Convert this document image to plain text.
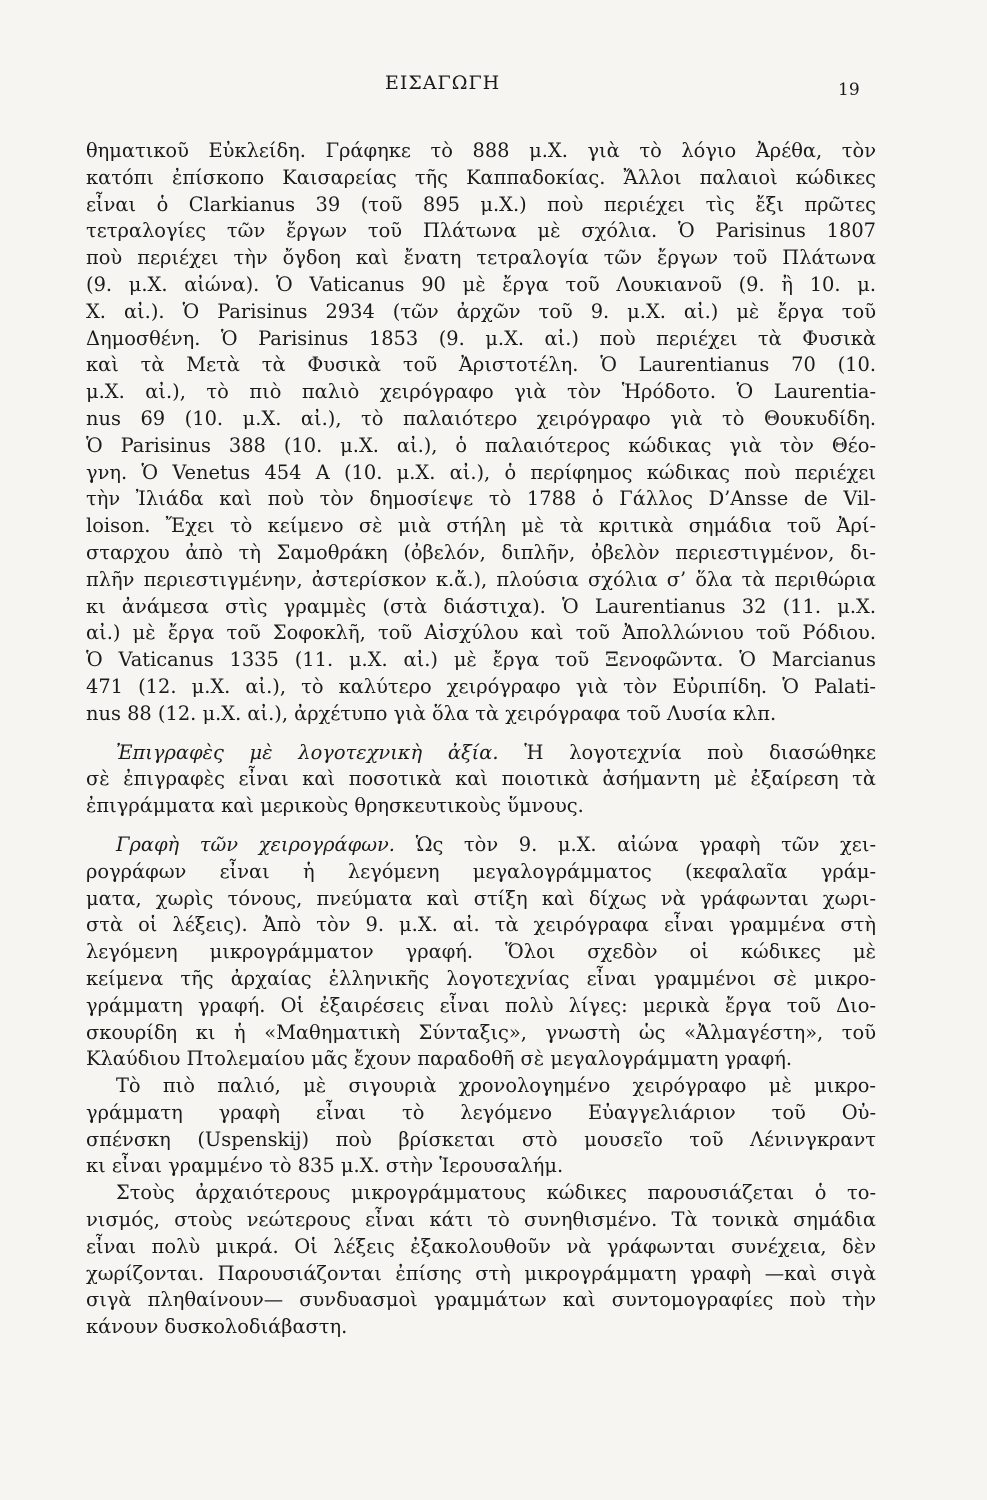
ΕΙΣΑΓΩΓΗ	19
θηματικοῦ Εὐκλείδη. Γράφηκε τὸ 888 μ.Χ. γιὰ τὸ λόγιο Ἀρέθα, τὸν
κατόπι ἐπίσκοπο Καισαρείας τῆς Καππαδοκίας. Ἄλλοι παλαιοὶ κώδικες
εἶναι ὁ Clarkianus 39 (τοῦ 895 μ.Χ.) ποὺ περιέχει τὶς ἔξι πρῶτες
τετραλογίες τῶν ἔργων τοῦ Πλάτωνα μὲ σχόλια. Ὁ Parisinus 1807
ποὺ περιέχει τὴν ὄγδοη καὶ ἔνατη τετραλογία τῶν ἔργων τοῦ Πλάτωνα
(9. μ.Χ. αἰώνα). Ὁ Vaticanus 90 μὲ ἔργα τοῦ Λουκιανοῦ (9. ἢ 10. μ.
Χ. αἰ.). Ὁ Parisinus 2934 (τῶν ἀρχῶν τοῦ 9. μ.Χ. αἰ.) μὲ ἔργα τοῦ
Δημοσθένη. Ὁ Parisinus 1853 (9. μ.Χ. αἰ.) ποὺ περιέχει τὰ Φυσικὰ
καὶ τὰ Μετὰ τὰ Φυσικὰ τοῦ Ἀριστοτέλη. Ὁ Laurentianus 70 (10.
μ.Χ. αἰ.), τὸ πιὸ παλιὸ χειρόγραφο γιὰ τὸν Ἡρόδοτο. Ὁ Laurentia-
nus 69 (10. μ.Χ. αἰ.), τὸ παλαιότερο χειρόγραφο γιὰ τὸ Θουκυδίδη.
Ὁ Parisinus 388 (10. μ.Χ. αἰ.), ὁ παλαιότερος κώδικας γιὰ τὸν Θέο-
γνη. Ὁ Venetus 454 A (10. μ.Χ. αἰ.), ὁ περίφημος κώδικας ποὺ περιέχει
τὴν Ἰλιάδα καὶ ποὺ τὸν δημοσίεψε τὸ 1788 ὁ Γάλλος D’Ansse de Vil-
loison. Ἔχει τὸ κείμενο σὲ μιὰ στήλη μὲ τὰ κριτικὰ σημάδια τοῦ Ἀρί-
σταρχου ἀπὸ τὴ Σαμοθράκη (ὀβελόν, διπλῆν, ὀβελὸν περιεστιγμένον, δι-
πλῆν περιεστιγμένην, ἀστερίσκον κ.ἄ.), πλούσια σχόλια σ’ ὅλα τὰ περιθώρια
κι ἀνάμεσα στὶς γραμμὲς (στὰ διάστιχα). Ὁ Laurentianus 32 (11. μ.Χ.
αἰ.) μὲ ἔργα τοῦ Σοφοκλῆ, τοῦ Αἰσχύλου καὶ τοῦ Ἀπολλώνιου τοῦ Ρόδιου.
Ὁ Vaticanus 1335 (11. μ.Χ. αἰ.) μὲ ἔργα τοῦ Ξενοφῶντα. Ὁ Marcianus
471 (12. μ.Χ. αἰ.), τὸ καλύτερο χειρόγραφο γιὰ τὸν Εὐριπίδη. Ὁ Palati-
nus 88 (12. μ.Χ. αἰ.), ἀρχέτυπο γιὰ ὅλα τὰ χειρόγραφα τοῦ Λυσία κλπ.
Ἐπιγραφὲς μὲ λογοτεχνικὴ ἀξία. Ἡ λογοτεχνία ποὺ διασώθηκε
σὲ ἐπιγραφὲς εἶναι καὶ ποσοτικὰ καὶ ποιοτικὰ ἀσήμαντη μὲ ἐξαίρεση τὰ
ἐπιγράμματα καὶ μερικοὺς θρησκευτικοὺς ὕμνους.
Γραφὴ τῶν χειρογράφων. Ὡς τὸν 9. μ.Χ. αἰώνα γραφὴ τῶν χει-
ρογράφων εἶναι ἡ λεγόμενη μεγαλογράμματος (κεφαλαῖα γράμ-
ματα, χωρὶς τόνους, πνεύματα καὶ στίξη καὶ δίχως νὰ γράφωνται χωρι-
στὰ οἱ λέξεις). Ἀπὸ τὸν 9. μ.Χ. αἰ. τὰ χειρόγραφα εἶναι γραμμένα στὴ
λεγόμενη μικρογράμματον γραφή. Ὅλοι σχεδὸν οἱ κώδικες μὲ
κείμενα τῆς ἀρχαίας ἑλληνικῆς λογοτεχνίας εἶναι γραμμένοι σὲ μικρο-
γράμματη γραφή. Οἱ ἐξαιρέσεις εἶναι πολὺ λίγες: μερικὰ ἔργα τοῦ Διο-
σκουρίδη κι ἡ «Μαθηματικὴ Σύνταξις», γνωστὴ ὡς «Ἀλμαγέστη», τοῦ
Κλαύδιου Πτολεμαίου μᾶς ἔχουν παραδοθῆ σὲ μεγαλογράμματη γραφή.
Τὸ πιὸ παλιό, μὲ σιγουριὰ χρονολογημένο χειρόγραφο μὲ μικρο-
γράμματη γραφὴ εἶναι τὸ λεγόμενο Εὐαγγελιάριον τοῦ Οὐ-
σπένσκη (Uspenskij) ποὺ βρίσκεται στὸ μουσεῖο τοῦ Λένινγκραντ
κι εἶναι γραμμένο τὸ 835 μ.Χ. στὴν Ἱερουσαλήμ.
Στοὺς ἀρχαιότερους μικρογράμματους κώδικες παρουσιάζεται ὁ το-
νισμός, στοὺς νεώτερους εἶναι κάτι τὸ συνηθισμένο. Τὰ τονικὰ σημάδια
εἶναι πολὺ μικρά. Οἱ λέξεις ἐξακολουθοῦν νὰ γράφωνται συνέχεια, δὲν
χωρίζονται. Παρουσιάζονται ἐπίσης στὴ μικρογράμματη γραφὴ —καὶ σιγὰ
σιγὰ πληθαίνουν— συνδυασμοὶ γραμμάτων καὶ συντομογραφίες ποὺ τὴν
κάνουν δυσκολοδιάβαστη.
